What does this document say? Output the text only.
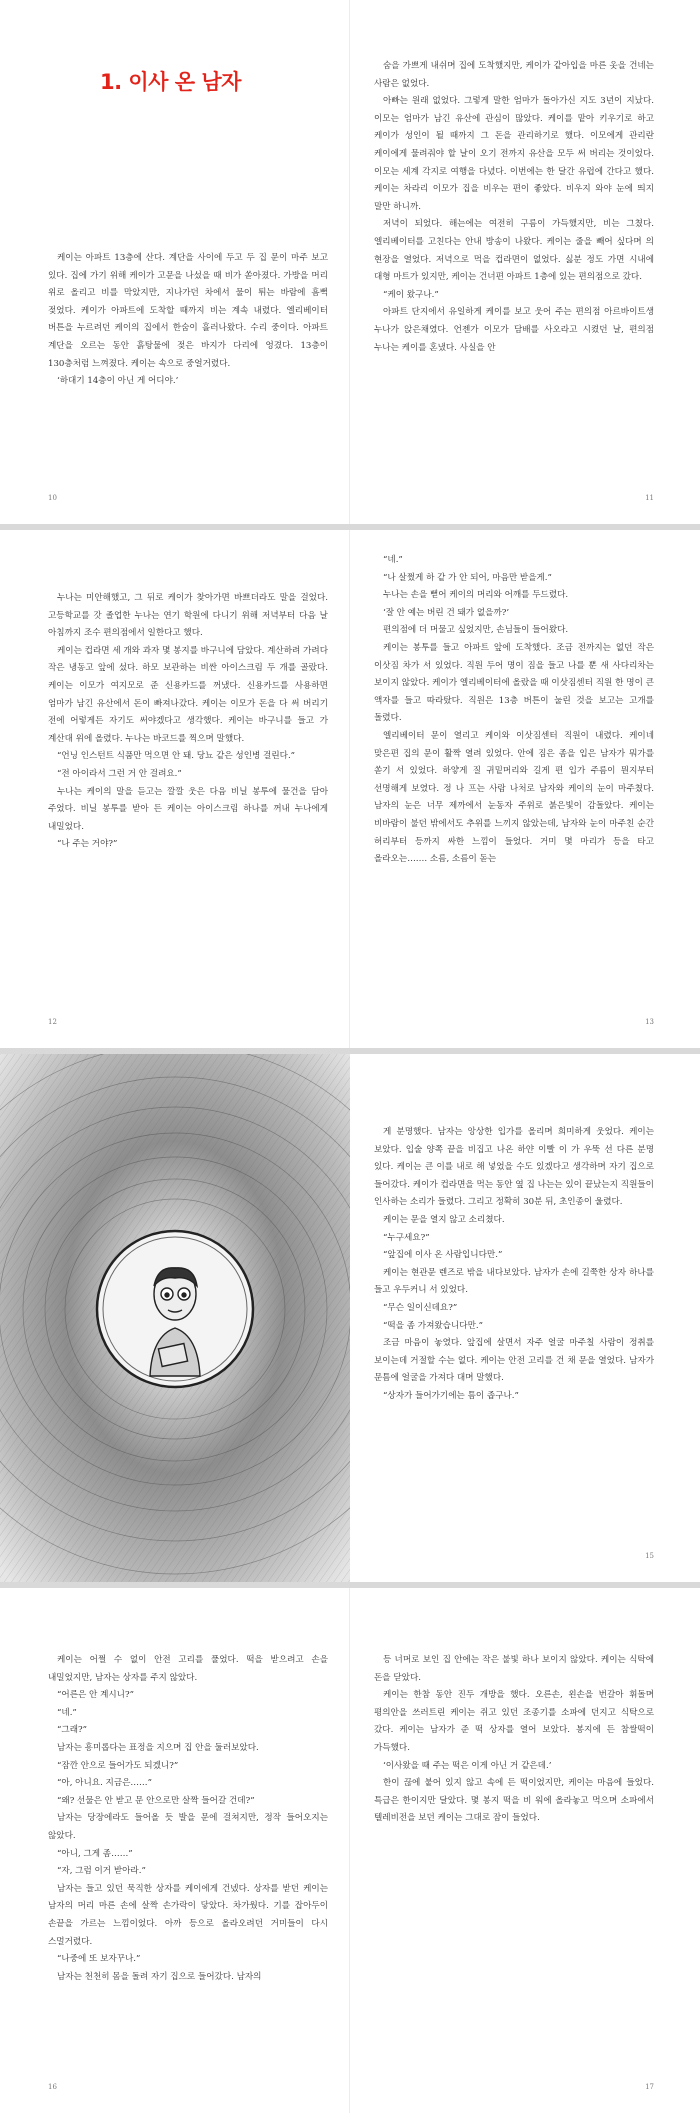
1. 이사 온 남자

케이는 아파트 13층에 산다. 계단을 사이에 두고 두 집 문이 마주 보고 있다. 집에 가기 위해 케이가 고문을 나섰을 때 비가 쏟아졌다. 가방을 머리 위로 올리고 비를 막았지만, 지나가던 차에서 물이 튀는 바람에 흠뻑 젖었다. 케이가 아파트에 도착할 때까지 비는 계속 내렸다. 엘리베이터 버튼을 누르려던 케이의 집에서 한숨이 흘러나왔다. 수리 중이다. 아파트 계단을 오르는 동안 흙탕물에 젖은 바지가 다리에 엉겼다. 13층이 130층처럼 느껴졌다. 케이는 속으로 중얼거렸다.

‘하대기 14층이 아닌 게 어디야.’

10

숨을 가쁘게 내쉬며 집에 도착했지만, 케이가 같아입을 마른 옷을 건네는 사람은 없었다.

아빠는 원래 없었다. 그렇게 말한 엄마가 돌아가신 지도 3년이 지났다. 이모는 엄마가 남긴 유산에 관심이 많았다. 케이를 맡아 키우기로 하고 케이가 성인이 될 때까지 그 돈을 관리하기로 했다. 이모에게 관리란 케이에게 물려줘야 할 날이 오기 전까지 유산을 모두 써 버리는 것이었다. 이모는 세계 각지로 여행을 다녔다. 이번에는 한 달간 유럽에 간다고 했다. 케이는 차라리 이모가 집을 비우는 편이 좋았다. 비우지 와야 눈에 띄지 말만 하니까.

저녁이 되었다. 해는에는 여전히 구름이 가득했지만, 비는 그쳤다. 엘리베이터를 고친다는 안내 방송이 나왔다. 케이는 줄을 빼어 싶다며 의 현장을 열었다. 저녁으로 먹을 컵라면이 없었다. 싫분 정도 가면 시내에 대형 마트가 있지만, 케이는 건너편 아파트 1층에 있는 편의점으로 갔다.

“케이 왔구나.”

아파트 단지에서 유일하게 케이를 보고 웃어 주는 편의점 아르바이트생 누나가 앉은채였다. 언젠가 이모가 담배를 사오라고 시켰던 날, 편의점 누나는 케이를 혼냈다. 사실을 안

11

누나는 미안해했고, 그 뒤로 케이가 찾아가면 바쁘더라도 말을 걸었다. 고등학교를 갓 졸업한 누나는 연기 학원에 다니기 위해 저녁부터 다음 날 아침까지 조수 편의점에서 일한다고 했다.

케이는 컵라면 세 개와 과자 몇 봉지를 바구니에 담았다. 계산하려 가려다 작은 냉동고 앞에 섰다. 하모 보관하는 비싼 아이스크림 두 개를 골랐다. 케이는 이모가 여지모로 준 신용카드를 꺼냈다. 신용카드를 사용하면 엄마가 남긴 유산에서 돈이 빠져나갔다. 케이는 이모가 돈을 다 써 버리기 전에 어렇게든 자기도 써야겠다고 생각했다. 케이는 바구니를 들고 가 계산대 위에 올렸다. 누나는 바코드를 찍으며 말했다.

“언닝 인스턴트 식품만 먹으면 안 돼. 당뇨 같은 성인병 걸린다.”

“전 아이라서 그런 거 안 걸려요.”

누나는 케이의 말을 듣고는 깔깔 웃은 다음 비닐 봉투에 물건을 담아 주었다. 비닐 봉투를 받아 든 케이는 아이스크림 하나를 꺼내 누나에게 내밀었다.

“나 주는 거야?”

12

“네.”

“나 살쩠게 하 같 가 안 되어, 마음만 받을게.”

누나는 손을 뻗어 케이의 머리와 어깨를 두드렸다.

‘잘 안 예는 버린 건 돼가 없을까?’

편의점에 더 머물고 싶었지만, 손님들이 들어왔다.

케이는 봉투를 들고 아파트 앞에 도착했다. 조금 전까지는 없던 작은 이삿짐 차가 서 있었다. 직원 두어 명이 짐을 들고 나를 뿐 새 사다리차는 보이지 않았다. 케이가 엘리베이터에 올랐을 때 이삿짐센터 직원 한 명이 큰 액자를 들고 따라탔다. 직원은 13층 버튼이 눌린 것을 보고는 고개를 돌렸다.

엘리베이터 문이 열리고 케이와 이삿짐센터 직원이 내렸다. 케이네 맞은편 집의 문이 활짝 열려 있었다. 안에 짐은 좀을 입은 남자가 뭐가를 쏟기 서 있었다. 하얗게 질 귀밑머리와 길게 편 입가 주름이 뭔지부터 선명해게 보였다. 정 나 프는 사람 나처로 남자와 케이의 눈이 마주쳤다. 남자의 눈은 너무 제까에서 눈동자 주위로 붉은빛이 감돌았다. 케이는 비바람이 불던 밖에서도 추위를 느끼지 않았는데, 남자와 눈이 마주친 순간 허리부터 등까지 싸한 느낌이 들었다. 거미 몇 마리가 등을 타고 올라오는……. 소름, 소름이 돋는

13

게 분명했다. 남자는 앙상한 입가를 올리며 희미하게 웃었다. 케이는 보았다. 입술 양쪽 끝을 비집고 나온 하얀 이빨 이 가 우뚝 선 다른 분명 있다. 케이는 큰 이를 내로 해 넣었을 수도 있겠다고 생각하며 자기 집으로 들어갔다. 케이가 컵라면을 먹는 동안 옆 집 나는는 있이 끝났는지 직원들이 인사하는 소리가 들렸다. 그리고 정확히 30분 뒤, 초인종이 울렸다.

케이는 문을 열지 않고 소리쳤다.

“누구세요?”

“앞집에 이사 온 사람입니다만.”

케이는 현관문 렌즈로 밖을 내다보았다. 남자가 손에 길쭉한 상자 하나를 들고 우두커니 서 있었다.

“무슨 일이신데요?”

“떡을 좀 가져왔습니다만.”

조금 마음이 놓였다. 앞집에 살면서 자주 얼굴 마주칠 사람이 정취를 보이는데 거절할 수는 없다. 케이는 안전 고리를 건 채 문을 열었다. 남자가 문틈에 얼굴을 가져다 대며 말했다.

“상자가 들어가기에는 틈이 좁구나.”

15

케이는 어쩔 수 없이 안전 고리를 풀었다. 떡을 받으려고 손을 내밀었지만, 남자는 상자를 주지 않았다.

“어른은 안 계시니?”

“네.”

“그래?”

남자는 흥미롭다는 표정을 지으며 집 안을 둘러보았다.

“잠깐 안으로 들어가도 되겠니?”

“아, 아니요. 지금은……”

“왜? 선물은 안 받고 문 안으로만 살짝 들어갈 건데?”

남자는 당장에라도 들어올 듯 발을 문에 걸쳐지만, 정작 들어오지는 않았다.

“아니, 그게 좀……”

“자, 그럼 이거 받아라.”

남자는 들고 있던 묵직한 상자를 케이에게 건넸다. 상자를 받던 케이는 남자의 머리 마른 손에 살짝 손가락이 닿았다. 차가웠다. 기를 잡아두이 손끝을 가르는 느낌이었다. 아까 등으로 올라오려던 거미들이 다시 스멀거렸다.

“나중에 또 보자꾸나.”

남자는 천천히 몸을 돌려 자기 집으로 들어갔다. 남자의

16

등 너머로 보인 집 안에는 작은 불빛 하나 보이지 않았다. 케이는 식탁에 돈을 닫았다.

케이는 한참 동안 진두 개방을 했다. 오른손, 왼손을 번갈아 휘돌며 평의안을 쓰러트린 케이는 쥐고 있던 조종기를 소파에 던지고 식탁으로 갔다. 케이는 남자가 준 떡 상자를 열어 보았다. 봉지에 든 참쌀떡이 가득했다.

‘이사왔을 때 주는 떡은 이게 아닌 거 같은데.’

한이 끊에 붙어 있지 않고 속에 든 떡이었지만, 케이는 마음에 들었다. 특급은 한이지만 달았다. 몇 봉지 떡을 비 워에 올라놓고 먹으며 소파에서 텔레비전을 보던 케이는 그대로 잠이 들었다.

17
